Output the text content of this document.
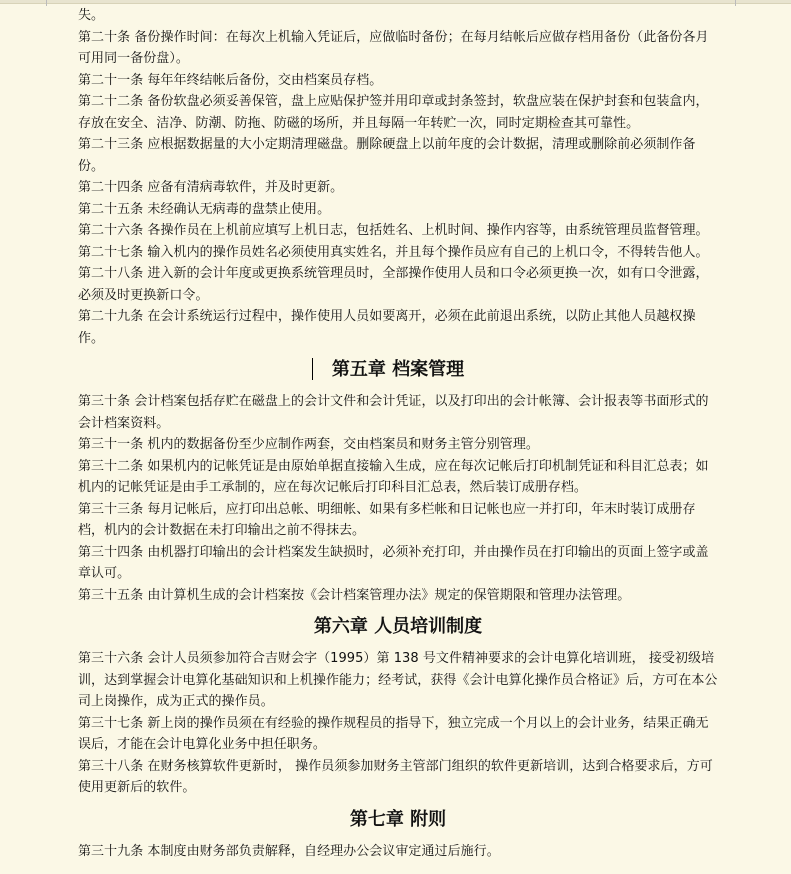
失。

第二十条 备份操作时间：在每次上机输入凭证后，应做临时备份；在每月结帐后应做存档用备份（此备份各月可用同一备份盘）。

第二十一条 每年年终结帐后备份，交由档案员存档。

第二十二条 备份软盘必须妥善保管，盘上应贴保护签并用印章或封条签封，软盘应装在保护封套和包装盒内，存放在安全、洁净、防潮、防拖、防磁的场所，并且每隔一年转贮一次，同时定期检查其可靠性。

第二十三条 应根据数据量的大小定期清理磁盘。删除硬盘上以前年度的会计数据，清理或删除前必须制作备份。

第二十四条 应备有清病毒软件，并及时更新。

第二十五条 未经确认无病毒的盘禁止使用。

第二十六条 各操作员在上机前应填写上机日志，包括姓名、上机时间、操作内容等，由系统管理员监督管理。

第二十七条 输入机内的操作员姓名必须使用真实姓名，并且每个操作员应有自己的上机口令，不得转告他人。

第二十八条 进入新的会计年度或更换系统管理员时，全部操作使用人员和口令必须更换一次，如有口令泄露，必须及时更换新口令。

第二十九条 在会计系统运行过程中，操作使用人员如要离开，必须在此前退出系统，以防止其他人员越权操作。

第五章 档案管理

第三十条 会计档案包括存贮在磁盘上的会计文件和会计凭证，以及打印出的会计帐簿、会计报表等书面形式的会计档案资料。

第三十一条 机内的数据备份至少应制作两套，交由档案员和财务主管分别管理。

第三十二条 如果机内的记帐凭证是由原始单据直接输入生成，应在每次记帐后打印机制凭证和科目汇总表；如机内的记帐凭证是由手工承制的，应在每次记帐后打印科目汇总表，然后装订成册存档。

第三十三条 每月记帐后，应打印出总帐、明细帐、如果有多栏帐和日记帐也应一并打印，年末时装订成册存档，机内的会计数据在未打印输出之前不得抹去。

第三十四条 由机器打印输出的会计档案发生缺损时，必须补充打印，并由操作员在打印输出的页面上签字或盖章认可。

第三十五条 由计算机生成的会计档案按《会计档案管理办法》规定的保管期限和管理办法管理。

第六章 人员培训制度

第三十六条 会计人员须参加符合吉财会字（1995）第 138 号文件精神要求的会计电算化培训班， 接受初级培训，达到掌握会计电算化基础知识和上机操作能力；经考试，获得《会计电算化操作员合格证》后，方可在本公司上岗操作，成为正式的操作员。

第三十七条 新上岗的操作员须在有经验的操作规程员的指导下，独立完成一个月以上的会计业务，结果正确无误后，才能在会计电算化业务中担任职务。

第三十八条 在财务核算软件更新时， 操作员须参加财务主管部门组织的软件更新培训，达到合格要求后，方可使用更新后的软件。

第七章 附则

第三十九条 本制度由财务部负责解释，自经理办公会议审定通过后施行。
